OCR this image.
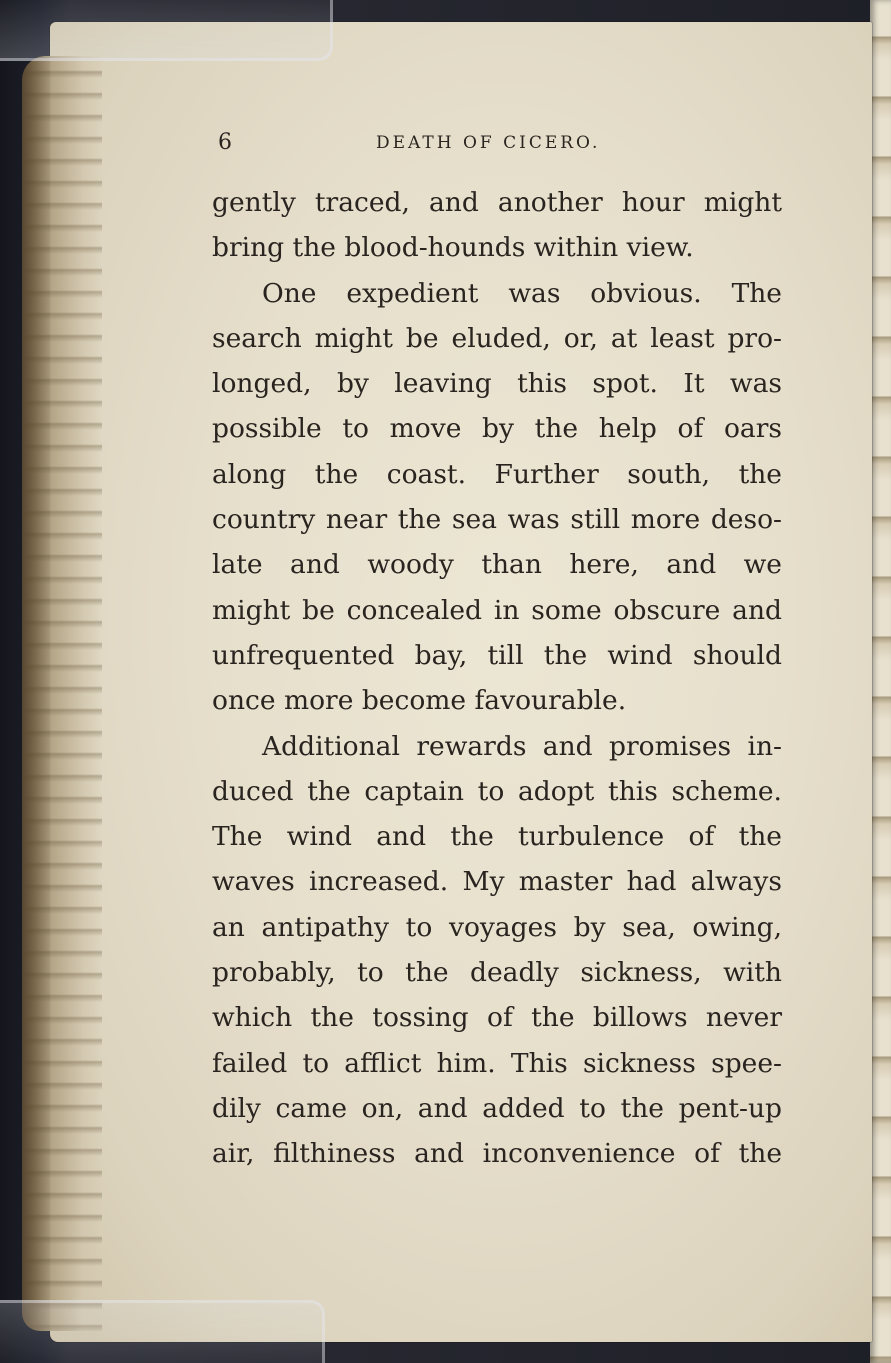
6	DEATH OF CICERO.
gently traced, and another hour might
bring the blood-hounds within view.
One expedient was obvious. The
search might be eluded, or, at least pro-
longed, by leaving this spot. It was
possible to move by the help of oars
along the coast. Further south, the
country near the sea was still more deso-
late and woody than here, and we
might be concealed in some obscure and
unfrequented bay, till the wind should
once more become favourable.
Additional rewards and promises in-
duced the captain to adopt this scheme.
The wind and the turbulence of the
waves increased. My master had always
an antipathy to voyages by sea, owing,
probably, to the deadly sickness, with
which the tossing of the billows never
failed to afflict him. This sickness spee-
dily came on, and added to the pent-up
air, filthiness and inconvenience of the
